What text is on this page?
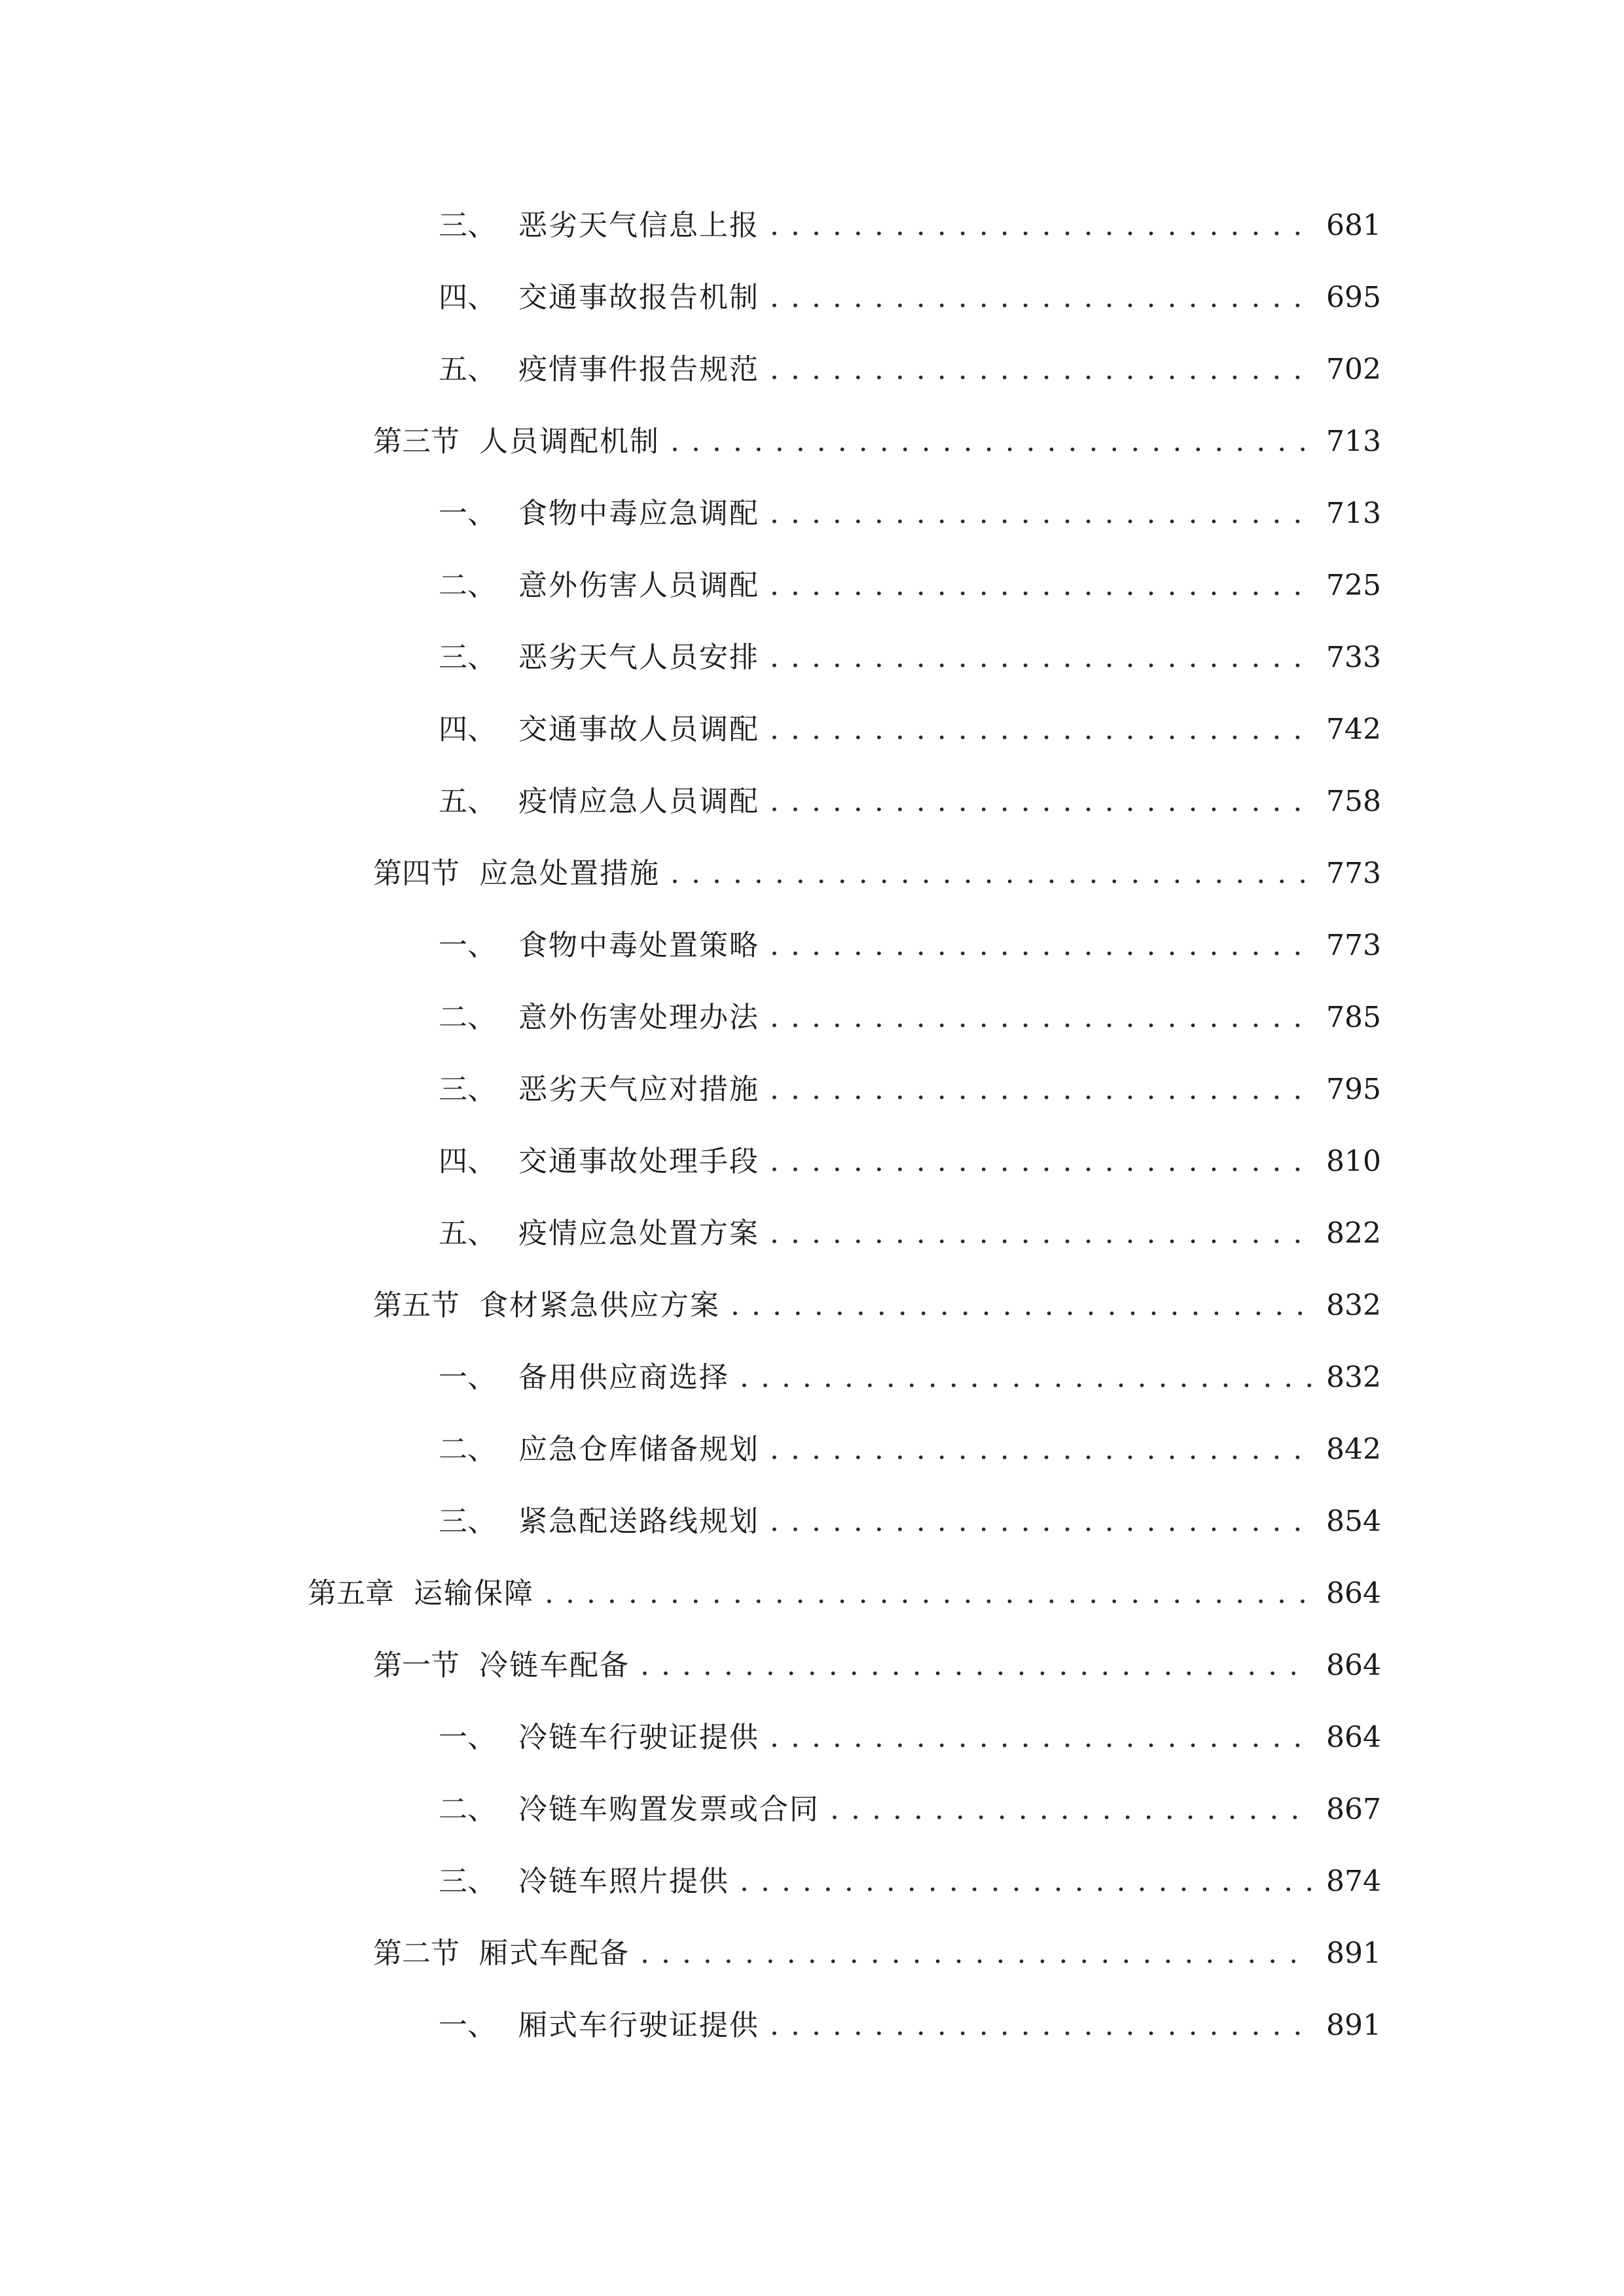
三、 恶劣天气信息上报 . . .	681
四、 交通事故报告机制 . . .	695
五、 疫情事件报告规范 . . .	702
第三节 人员调配机制 . . .	713
一、 食物中毒应急调配 . . .	713
二、 意外伤害人员调配 . . .	725
三、 恶劣天气人员安排 . . .	733
四、 交通事故人员调配 . . .	742
五、 疫情应急人员调配 . . .	758
第四节 应急处置措施 . . .	773
一、 食物中毒处置策略 . . .	773
二、 意外伤害处理办法 . . .	785
三、 恶劣天气应对措施 . . .	795
四、 交通事故处理手段 . . .	810
五、 疫情应急处置方案 . . .	822
第五节 食材紧急供应方案 . . .	832
一、 备用供应商选择 . . .	832
二、 应急仓库储备规划 . . .	842
三、 紧急配送路线规划 . . .	854
第五章 运输保障 . . .	864
第一节 冷链车配备 . . .	864
一、 冷链车行驶证提供 . . .	864
二、 冷链车购置发票或合同 . . .	867
三、 冷链车照片提供 . . .	874
第二节 厢式车配备 . . .	891
一、 厢式车行驶证提供 . . .	891
